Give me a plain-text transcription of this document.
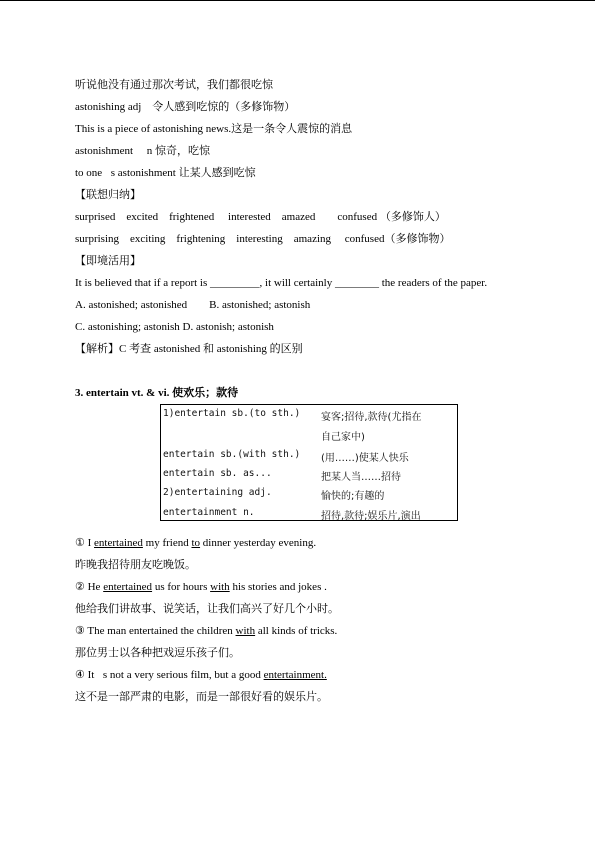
听说他没有通过那次考试，我们都很吃惊

astonishing adj　令人感到吃惊的（多修饰物）

This is a piece of astonishing news.这是一条令人震惊的消息

astonishment　 n 惊奇，吃惊

to one s astonishment 让某人感到吃惊

【联想归纳】

surprised　excited　frightened　 interested　amazed　　confused （多修饰人）

surprising　exciting　frightening　interesting　amazing　 confused（多修饰物）

【即境活用】

It is believed that if a report is _________, it will certainly ________ the readers of the paper.

A. astonished; astonished　　B. astonished; astonish

C. astonishing; astonish D. astonish; astonish

【解析】C 考查 astonished 和 astonishing 的区别

3. entertain vt. & vi. 使欢乐；款待

1)entertain sb.(to sth.) 宴客;招待,款待(尤指在
自己家中)
entertain sb.(with sth.) (用……)使某人快乐
entertain sb. as...	把某人当……招待
2)entertaining adj.	愉快的;有趣的
entertainment n.	招待,款待;娱乐片,演出

① I entertained my friend to dinner yesterday evening.

昨晚我招待朋友吃晚饭。

② He entertained us for hours with his stories and jokes .

他给我们讲故事、说笑话，让我们高兴了好几个小时。

③ The man entertained the children with all kinds of tricks.

那位男士以各种把戏逗乐孩子们。

④ It s not a very serious film, but a good entertainment.

这不是一部严肃的电影，而是一部很好看的娱乐片。
